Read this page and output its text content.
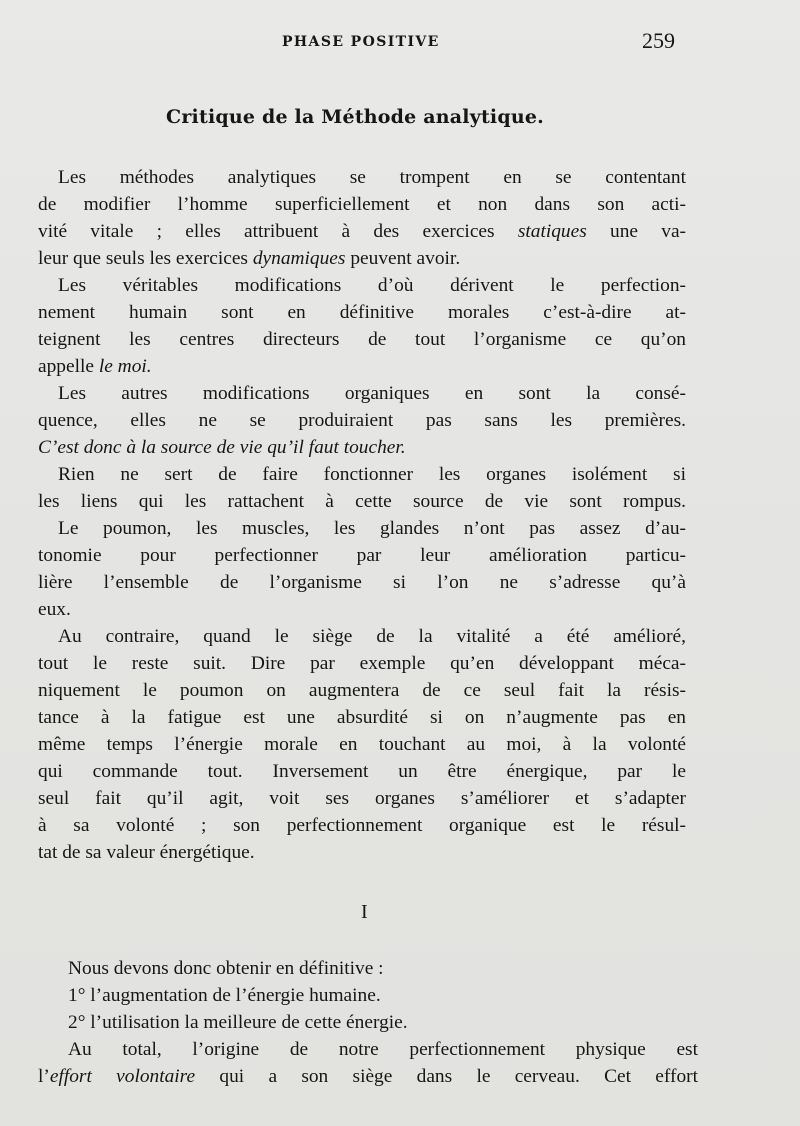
PHASE POSITIVE	259
Critique de la Méthode analytique.
Les méthodes analytiques se trompent en se contentant
de modifier l’homme superficiellement et non dans son acti-
vité vitale ; elles attribuent à des exercices statiques une va-
leur que seuls les exercices dynamiques peuvent avoir.
Les véritables modifications d’où dérivent le perfection-
nement humain sont en définitive morales c’est-à-dire at-
teignent les centres directeurs de tout l’organisme ce qu’on
appelle le moi.
Les autres modifications organiques en sont la consé-
quence, elles ne se produiraient pas sans les premières.
C’est donc à la source de vie qu’il faut toucher.
Rien ne sert de faire fonctionner les organes isolément si
les liens qui les rattachent à cette source de vie sont rompus.
Le poumon, les muscles, les glandes n’ont pas assez d’au-
tonomie pour perfectionner par leur amélioration particu-
lière l’ensemble de l’organisme si l’on ne s’adresse qu’à
eux.
Au contraire, quand le siège de la vitalité a été amélioré,
tout le reste suit. Dire par exemple qu’en développant méca-
niquement le poumon on augmentera de ce seul fait la résis-
tance à la fatigue est une absurdité si on n’augmente pas en
même temps l’énergie morale en touchant au moi, à la volonté
qui commande tout. Inversement un être énergique, par le
seul fait qu’il agit, voit ses organes s’améliorer et s’adapter
à sa volonté ; son perfectionnement organique est le résul-
tat de sa valeur énergétique.
I
Nous devons donc obtenir en définitive :
1° l’augmentation de l’énergie humaine.
2° l’utilisation la meilleure de cette énergie.
Au total, l’origine de notre perfectionnement physique est
l’effort volontaire qui a son siège dans le cerveau. Cet effort
